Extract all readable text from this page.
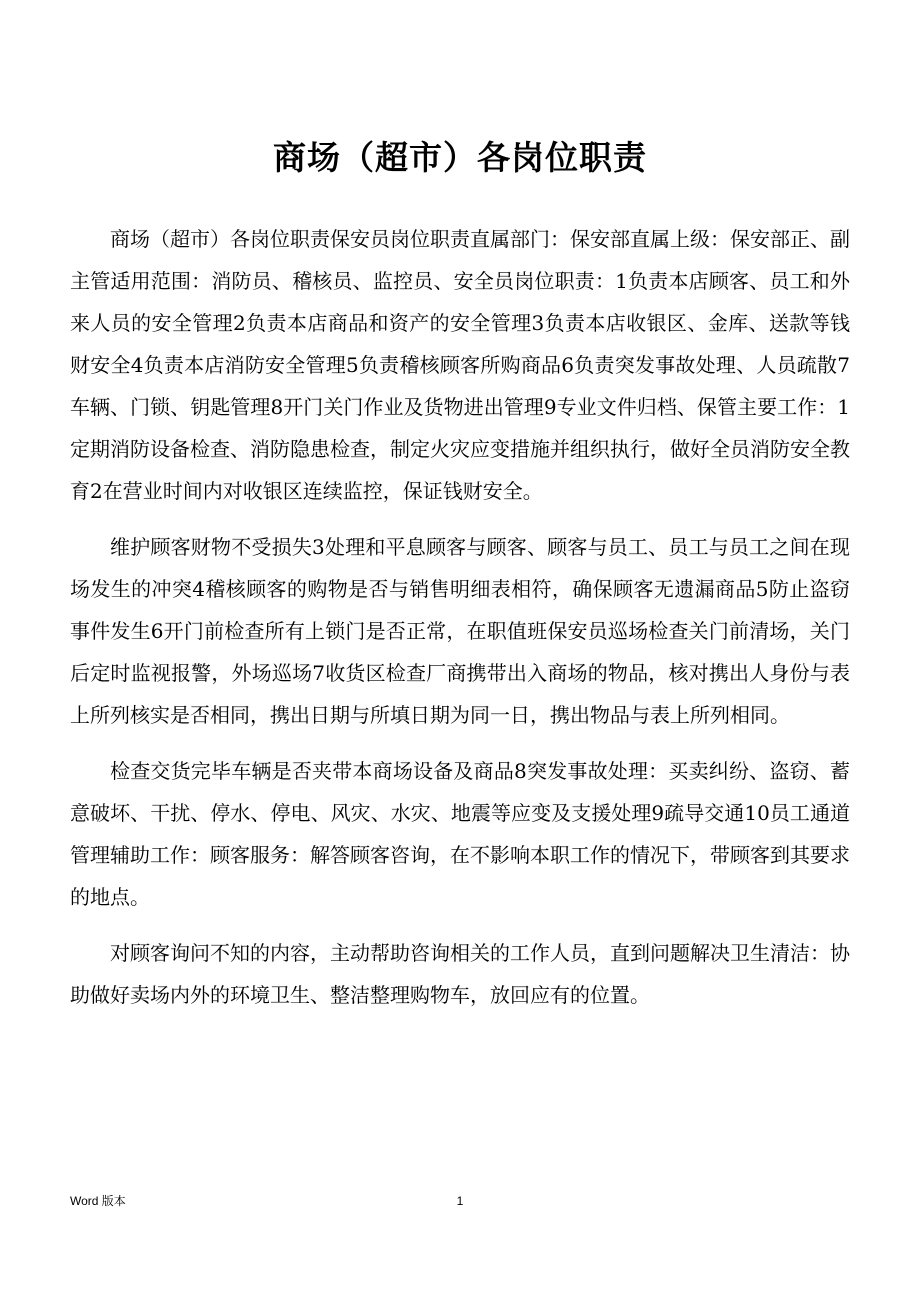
商场（超市）各岗位职责

商场（超市）各岗位职责保安员岗位职责直属部门：保安部直属上级：保安部正、副主管适用范围：消防员、稽核员、监控员、安全员岗位职责：1负责本店顾客、员工和外来人员的安全管理2负责本店商品和资产的安全管理3负责本店收银区、金库、送款等钱财安全4负责本店消防安全管理5负责稽核顾客所购商品6负责突发事故处理、人员疏散7车辆、门锁、钥匙管理8开门关门作业及货物进出管理9专业文件归档、保管主要工作：1定期消防设备检查、消防隐患检查，制定火灾应变措施并组织执行，做好全员消防安全教育2在营业时间内对收银区连续监控，保证钱财安全。

维护顾客财物不受损失3处理和平息顾客与顾客、顾客与员工、员工与员工之间在现场发生的冲突4稽核顾客的购物是否与销售明细表相符，确保顾客无遗漏商品5防止盗窃事件发生6开门前检查所有上锁门是否正常，在职值班保安员巡场检查关门前清场，关门后定时监视报警，外场巡场7收货区检查厂商携带出入商场的物品，核对携出人身份与表上所列核实是否相同，携出日期与所填日期为同一日，携出物品与表上所列相同。

检查交货完毕车辆是否夹带本商场设备及商品8突发事故处理：买卖纠纷、盗窃、蓄意破坏、干扰、停水、停电、风灾、水灾、地震等应变及支援处理9疏导交通10员工通道管理辅助工作：顾客服务：解答顾客咨询，在不影响本职工作的情况下，带顾客到其要求的地点。

对顾客询问不知的内容，主动帮助咨询相关的工作人员，直到问题解决卫生清洁：协助做好卖场内外的环境卫生、整洁整理购物车，放回应有的位置。

Word 版本	1
